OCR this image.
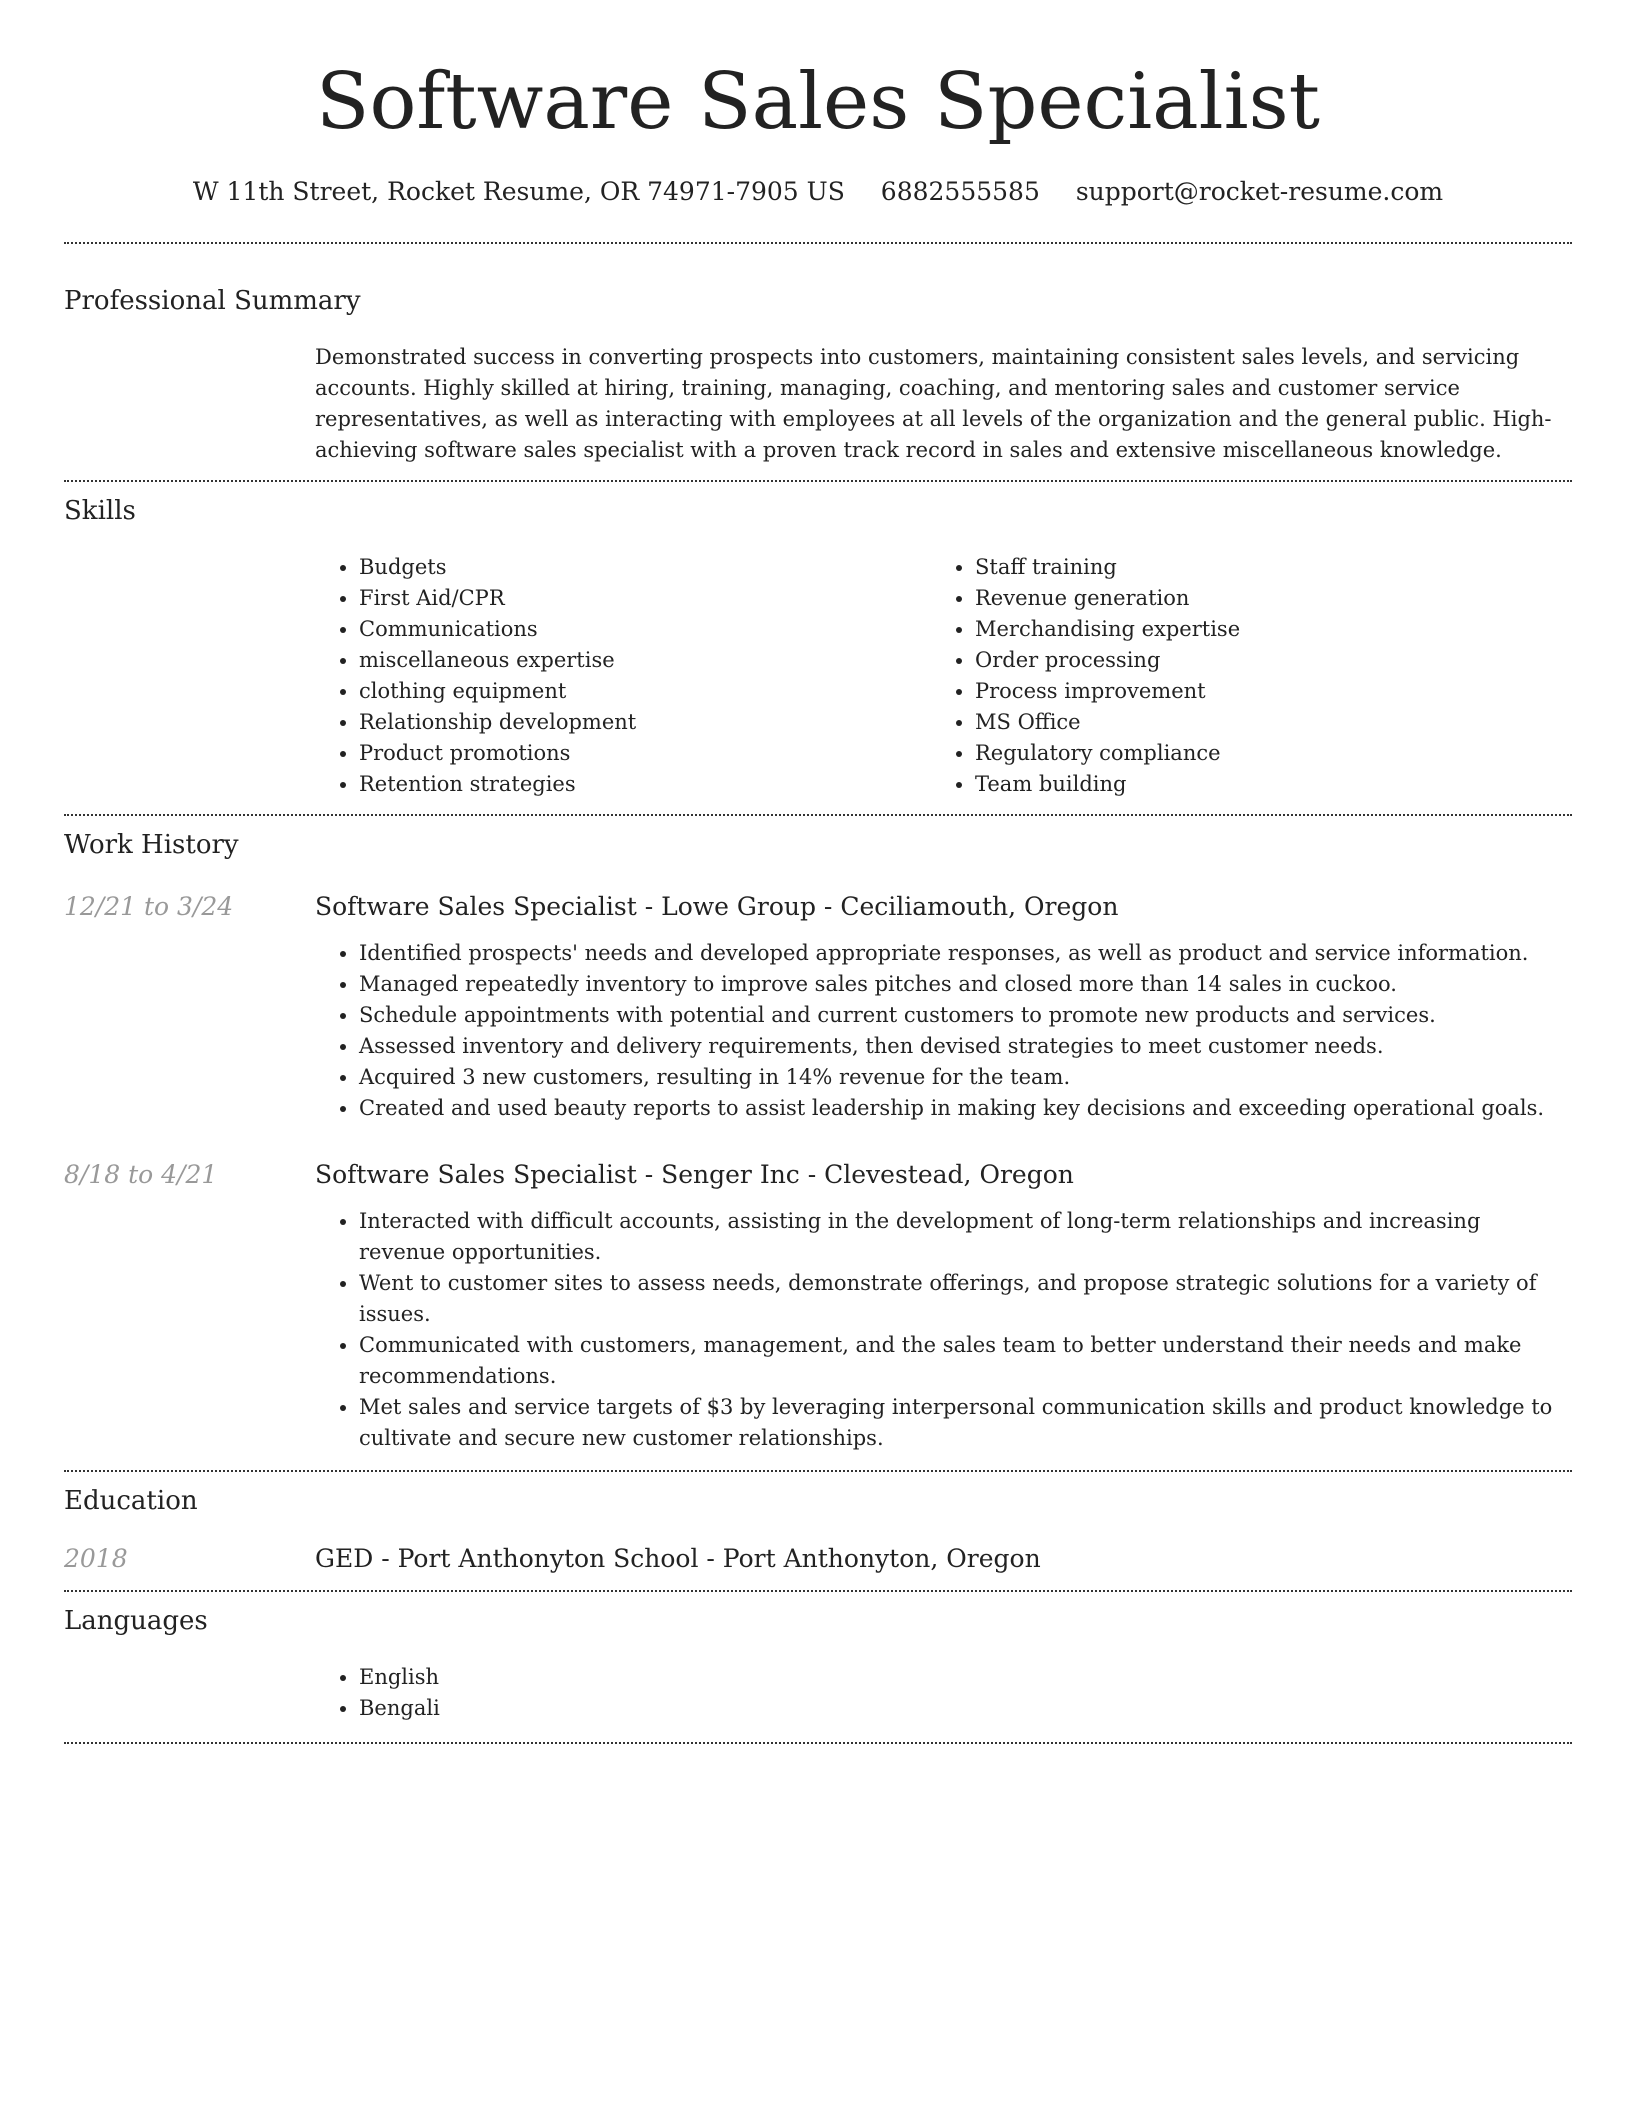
Software Sales Specialist
W 11th Street, Rocket Resume, OR 74971-7905 US 6882555585 support@rocket-resume.com
Professional Summary
Demonstrated success in converting prospects into customers, maintaining consistent sales levels, and servicing accounts. Highly skilled at hiring, training, managing, coaching, and mentoring sales and customer service representatives, as well as interacting with employees at all levels of the organization and the general public. High-achieving software sales specialist with a proven track record in sales and extensive miscellaneous knowledge.
Skills
• Budgets
• First Aid/CPR
• Communications
• miscellaneous expertise
• clothing equipment
• Relationship development
• Product promotions
• Retention strategies
• Staff training
• Revenue generation
• Merchandising expertise
• Order processing
• Process improvement
• MS Office
• Regulatory compliance
• Team building
Work History
12/21 to 3/24	Software Sales Specialist - Lowe Group - Ceciliamouth, Oregon
• Identified prospects' needs and developed appropriate responses, as well as product and service information.
• Managed repeatedly inventory to improve sales pitches and closed more than 14 sales in cuckoo.
• Schedule appointments with potential and current customers to promote new products and services.
• Assessed inventory and delivery requirements, then devised strategies to meet customer needs.
• Acquired 3 new customers, resulting in 14% revenue for the team.
• Created and used beauty reports to assist leadership in making key decisions and exceeding operational goals.
8/18 to 4/21	Software Sales Specialist - Senger Inc - Clevestead, Oregon
• Interacted with difficult accounts, assisting in the development of long-term relationships and increasing revenue opportunities.
• Went to customer sites to assess needs, demonstrate offerings, and propose strategic solutions for a variety of issues.
• Communicated with customers, management, and the sales team to better understand their needs and make recommendations.
• Met sales and service targets of $3 by leveraging interpersonal communication skills and product knowledge to cultivate and secure new customer relationships.
Education
2018	GED - Port Anthonyton School - Port Anthonyton, Oregon
Languages
• English
• Bengali
